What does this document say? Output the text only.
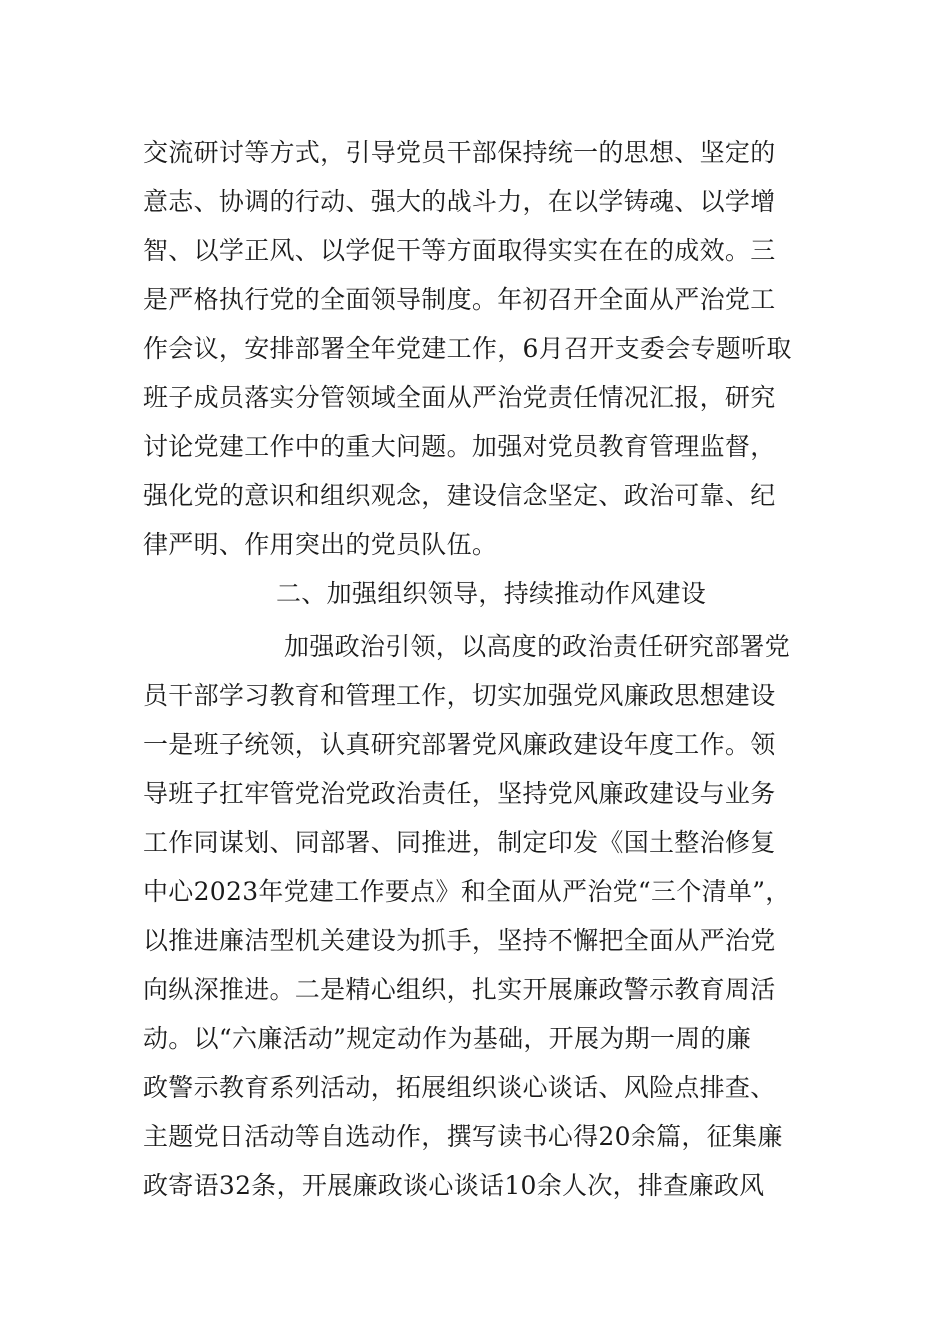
交流研讨等方式，引导党员干部保持统一的思想、坚定的
意志、协调的行动、强大的战斗力，在以学铸魂、以学增
智、以学正风、以学促干等方面取得实实在在的成效。三
是严格执行党的全面领导制度。年初召开全面从严治党工
作会议，安排部署全年党建工作，6月召开支委会专题听取
班子成员落实分管领域全面从严治党责任情况汇报，研究
讨论党建工作中的重大问题。加强对党员教育管理监督，
强化党的意识和组织观念，建设信念坚定、政治可靠、纪
律严明、作用突出的党员队伍。
二、加强组织领导，持续推动作风建设
加强政治引领，以高度的政治责任研究部署党
员干部学习教育和管理工作，切实加强党风廉政思想建设
一是班子统领，认真研究部署党风廉政建设年度工作。领
导班子扛牢管党治党政治责任，坚持党风廉政建设与业务
工作同谋划、同部署、同推进，制定印发《国土整治修复
中心2023年党建工作要点》和全面从严治党“三个清单”，
以推进廉洁型机关建设为抓手，坚持不懈把全面从严治党
向纵深推进。二是精心组织，扎实开展廉政警示教育周活
动。以“六廉活动”规定动作为基础，开展为期一周的廉
政警示教育系列活动，拓展组织谈心谈话、风险点排查、
主题党日活动等自选动作，撰写读书心得20余篇，征集廉
政寄语32条，开展廉政谈心谈话10余人次，排查廉政风
